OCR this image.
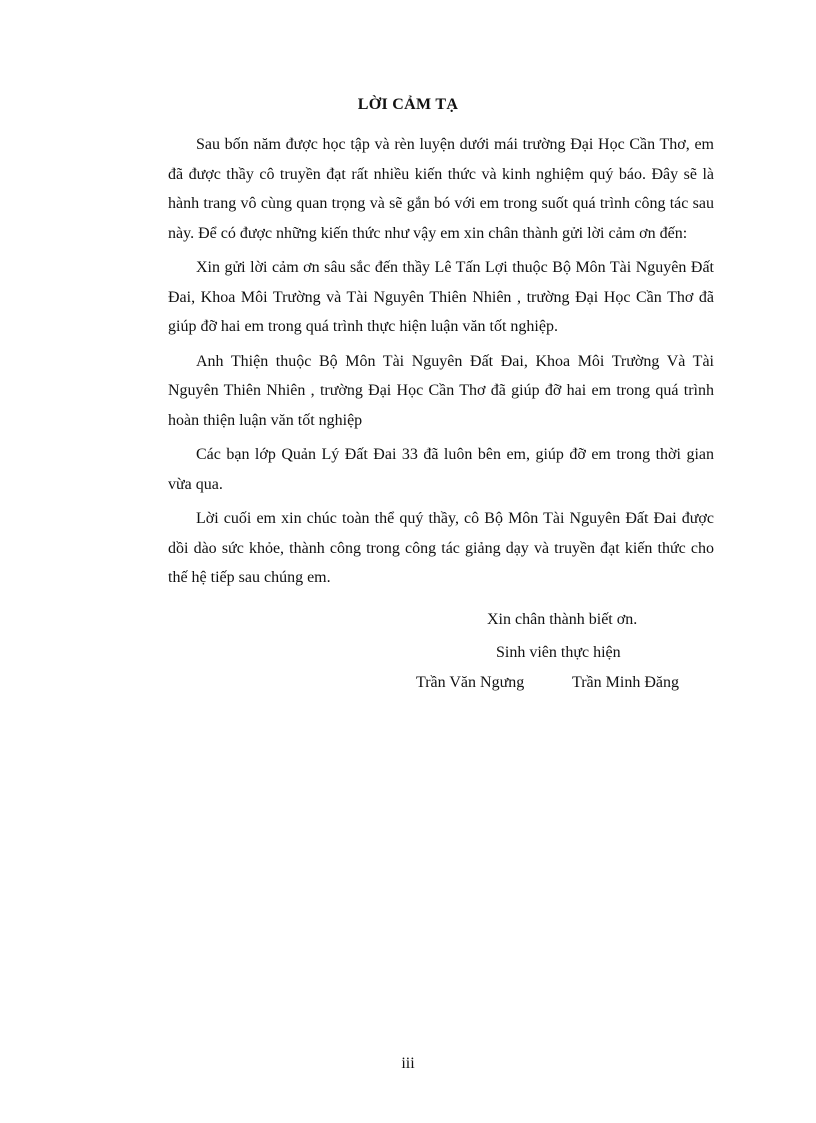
LỜI CẢM TẠ

Sau bốn năm được học tập và rèn luyện dưới mái trường Đại Học Cần Thơ, em đã được thầy cô truyền đạt rất nhiều kiến thức và kinh nghiệm quý báo. Đây sẽ là hành trang vô cùng quan trọng và sẽ gắn bó với em trong suốt quá trình công tác sau này. Để có được những kiến thức như vậy em xin chân thành gửi lời cảm ơn đến:

Xin gửi lời cảm ơn sâu sắc đến thầy Lê Tấn Lợi thuộc Bộ Môn Tài Nguyên Đất Đai, Khoa Môi Trường và Tài Nguyên Thiên Nhiên , trường Đại Học Cần Thơ đã giúp đỡ hai em trong quá trình thực hiện luận văn tốt nghiệp.

Anh Thiện thuộc Bộ Môn Tài Nguyên Đất Đai, Khoa Môi Trường Và Tài Nguyên Thiên Nhiên , trường Đại Học Cần Thơ đã giúp đỡ hai em trong quá trình hoàn thiện luận văn tốt nghiệp

Các bạn lớp Quản Lý Đất Đai 33 đã luôn bên em, giúp đỡ em trong thời gian vừa qua.

Lời cuối em xin chúc toàn thể quý thầy, cô Bộ Môn Tài Nguyên Đất Đai được dồi dào sức khỏe, thành công trong công tác giảng dạy và truyền đạt kiến thức cho thế hệ tiếp sau chúng em.

Xin chân thành biết ơn.
Sinh viên thực hiện
Trần Văn Ngưng	Trần Minh Đăng
iii
